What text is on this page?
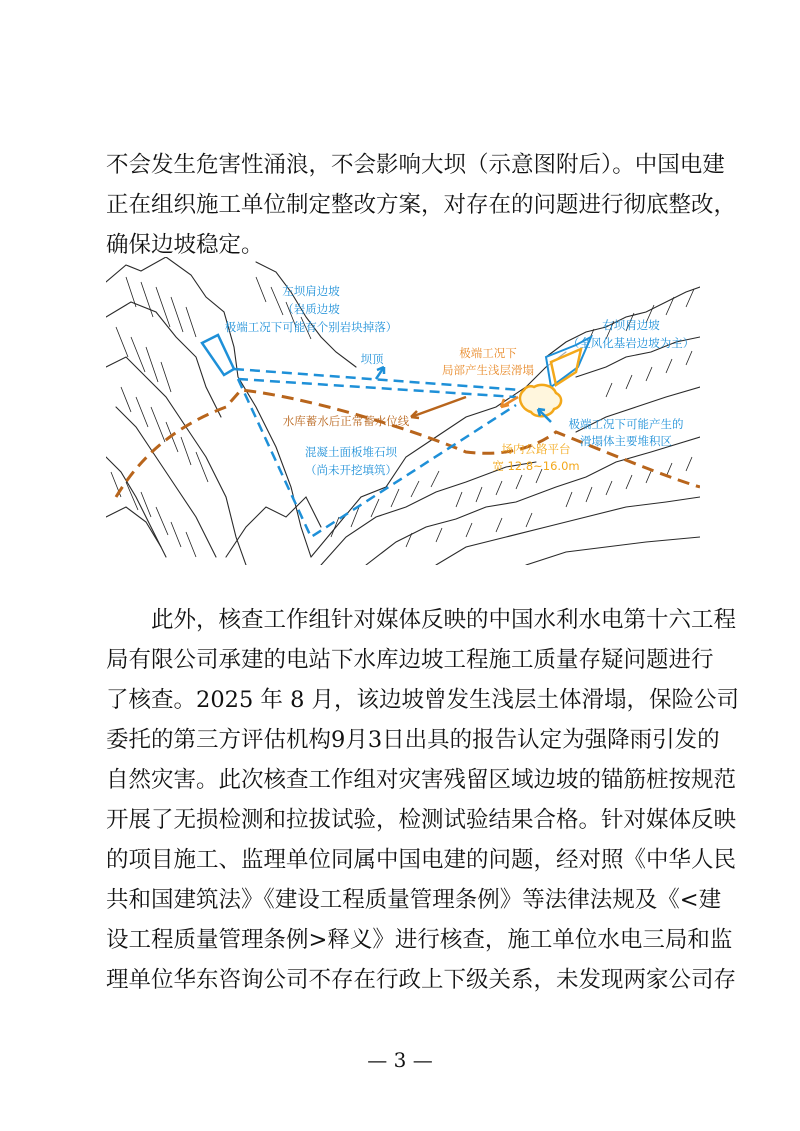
不会发生危害性涌浪，不会影响大坝（示意图附后）。中国电建
正在组织施工单位制定整改方案，对存在的问题进行彻底整改，
确保边坡稳定。
左坝肩边坡
（岩质边坡
极端工况下可能有个别岩块掉落）	右坝肩边坡
（全风化基岩边坡为主）
坝顶	极端工况下
局部产生浅层滑塌
水库蓄水后正常蓄水位线
混凝土面板堆石坝
（尚未开挖填筑）
极端工况下可能产生的
滑塌体主要堆积区
场内公路平台
宽 12.8~16.0m
此外，核查工作组针对媒体反映的中国水利水电第十六工程
局有限公司承建的电站下水库边坡工程施工质量存疑问题进行
了核查。2025 年 8 月，该边坡曾发生浅层土体滑塌，保险公司
委托的第三方评估机构9月3日出具的报告认定为强降雨引发的
自然灾害。此次核查工作组对灾害残留区域边坡的锚筋桩按规范
开展了无损检测和拉拔试验，检测试验结果合格。针对媒体反映
的项目施工、监理单位同属中国电建的问题，经对照《中华人民
共和国建筑法》《建设工程质量管理条例》等法律法规及《<建
设工程质量管理条例>释义》进行核查，施工单位水电三局和监
理单位华东咨询公司不存在行政上下级关系，未发现两家公司存
— 3 —
